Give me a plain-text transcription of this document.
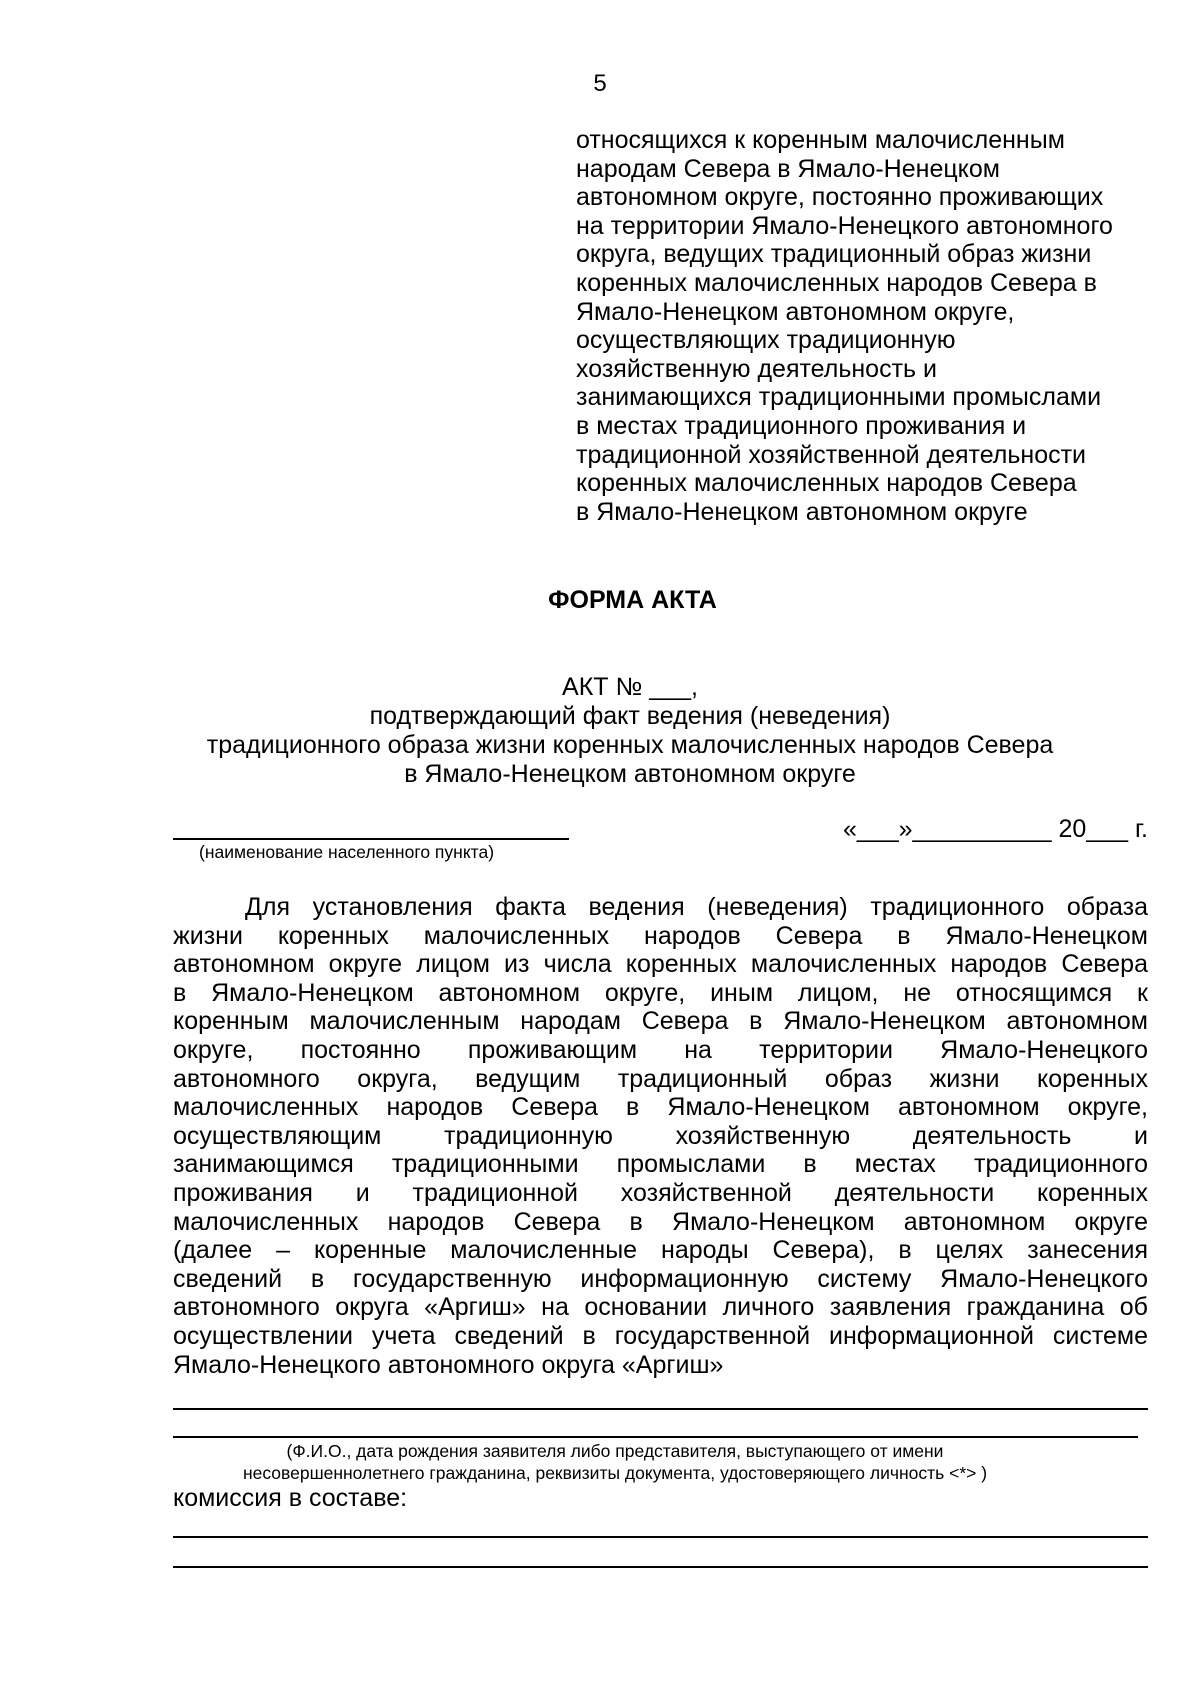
5
относящихся к коренным малочисленным
народам Севера в Ямало-Ненецком
автономном округе, постоянно проживающих
на территории Ямало-Ненецкого автономного
округа, ведущих традиционный образ жизни
коренных малочисленных народов Севера в
Ямало-Ненецком автономном округе,
осуществляющих традиционную
хозяйственную деятельность и
занимающихся традиционными промыслами
в местах традиционного проживания и
традиционной хозяйственной деятельности
коренных малочисленных народов Севера
в Ямало-Ненецком автономном округе
ФОРМА АКТА
АКТ № ___,
подтверждающий факт ведения (неведения)
традиционного образа жизни коренных малочисленных народов Севера
в Ямало-Ненецком автономном округе
(наименование населенного пункта)
«___»__________ 20___ г.
Для установления факта ведения (неведения) традиционного образа
жизни коренных малочисленных народов Севера в Ямало-Ненецком
автономном округе лицом из числа коренных малочисленных народов Севера
в Ямало-Ненецком автономном округе, иным лицом, не относящимся к
коренным малочисленным народам Севера в Ямало-Ненецком автономном
округе, постоянно проживающим на территории Ямало-Ненецкого
автономного округа, ведущим традиционный образ жизни коренных
малочисленных народов Севера в Ямало-Ненецком автономном округе,
осуществляющим традиционную хозяйственную деятельность и
занимающимся традиционными промыслами в местах традиционного
проживания и традиционной хозяйственной деятельности коренных
малочисленных народов Севера в Ямало-Ненецком автономном округе
(далее – коренные малочисленные народы Севера), в целях занесения
сведений в государственную информационную систему Ямало-Ненецкого
автономного округа «Аргиш» на основании личного заявления гражданина об
осуществлении учета сведений в государственной информационной системе
Ямало-Ненецкого автономного округа «Аргиш»
(Ф.И.О., дата рождения заявителя либо представителя, выступающего от имени
несовершеннолетнего гражданина, реквизиты документа, удостоверяющего личность <*> )
комиссия в составе:
